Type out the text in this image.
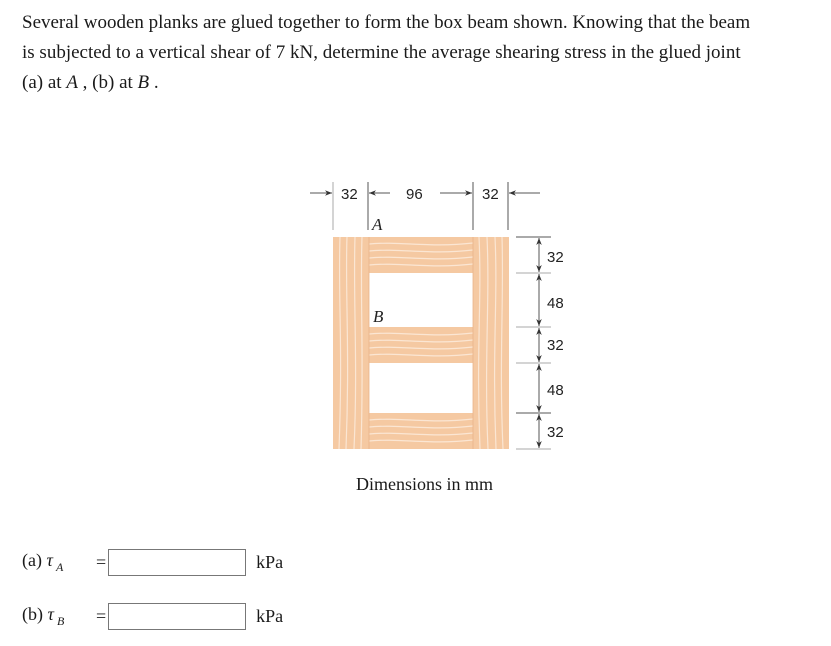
Several wooden planks are glued together to form the box beam shown. Knowing that the beam

is subjected to a vertical shear of 7 kN, determine the average shearing stress in the glued joint

(a) at A , (b) at B .

32	96	32
A
B
32
48
32
48
32
Dimensions in mm
(a) τ $_A$	=	kPa
(b) τ $_B$	=	kPa
